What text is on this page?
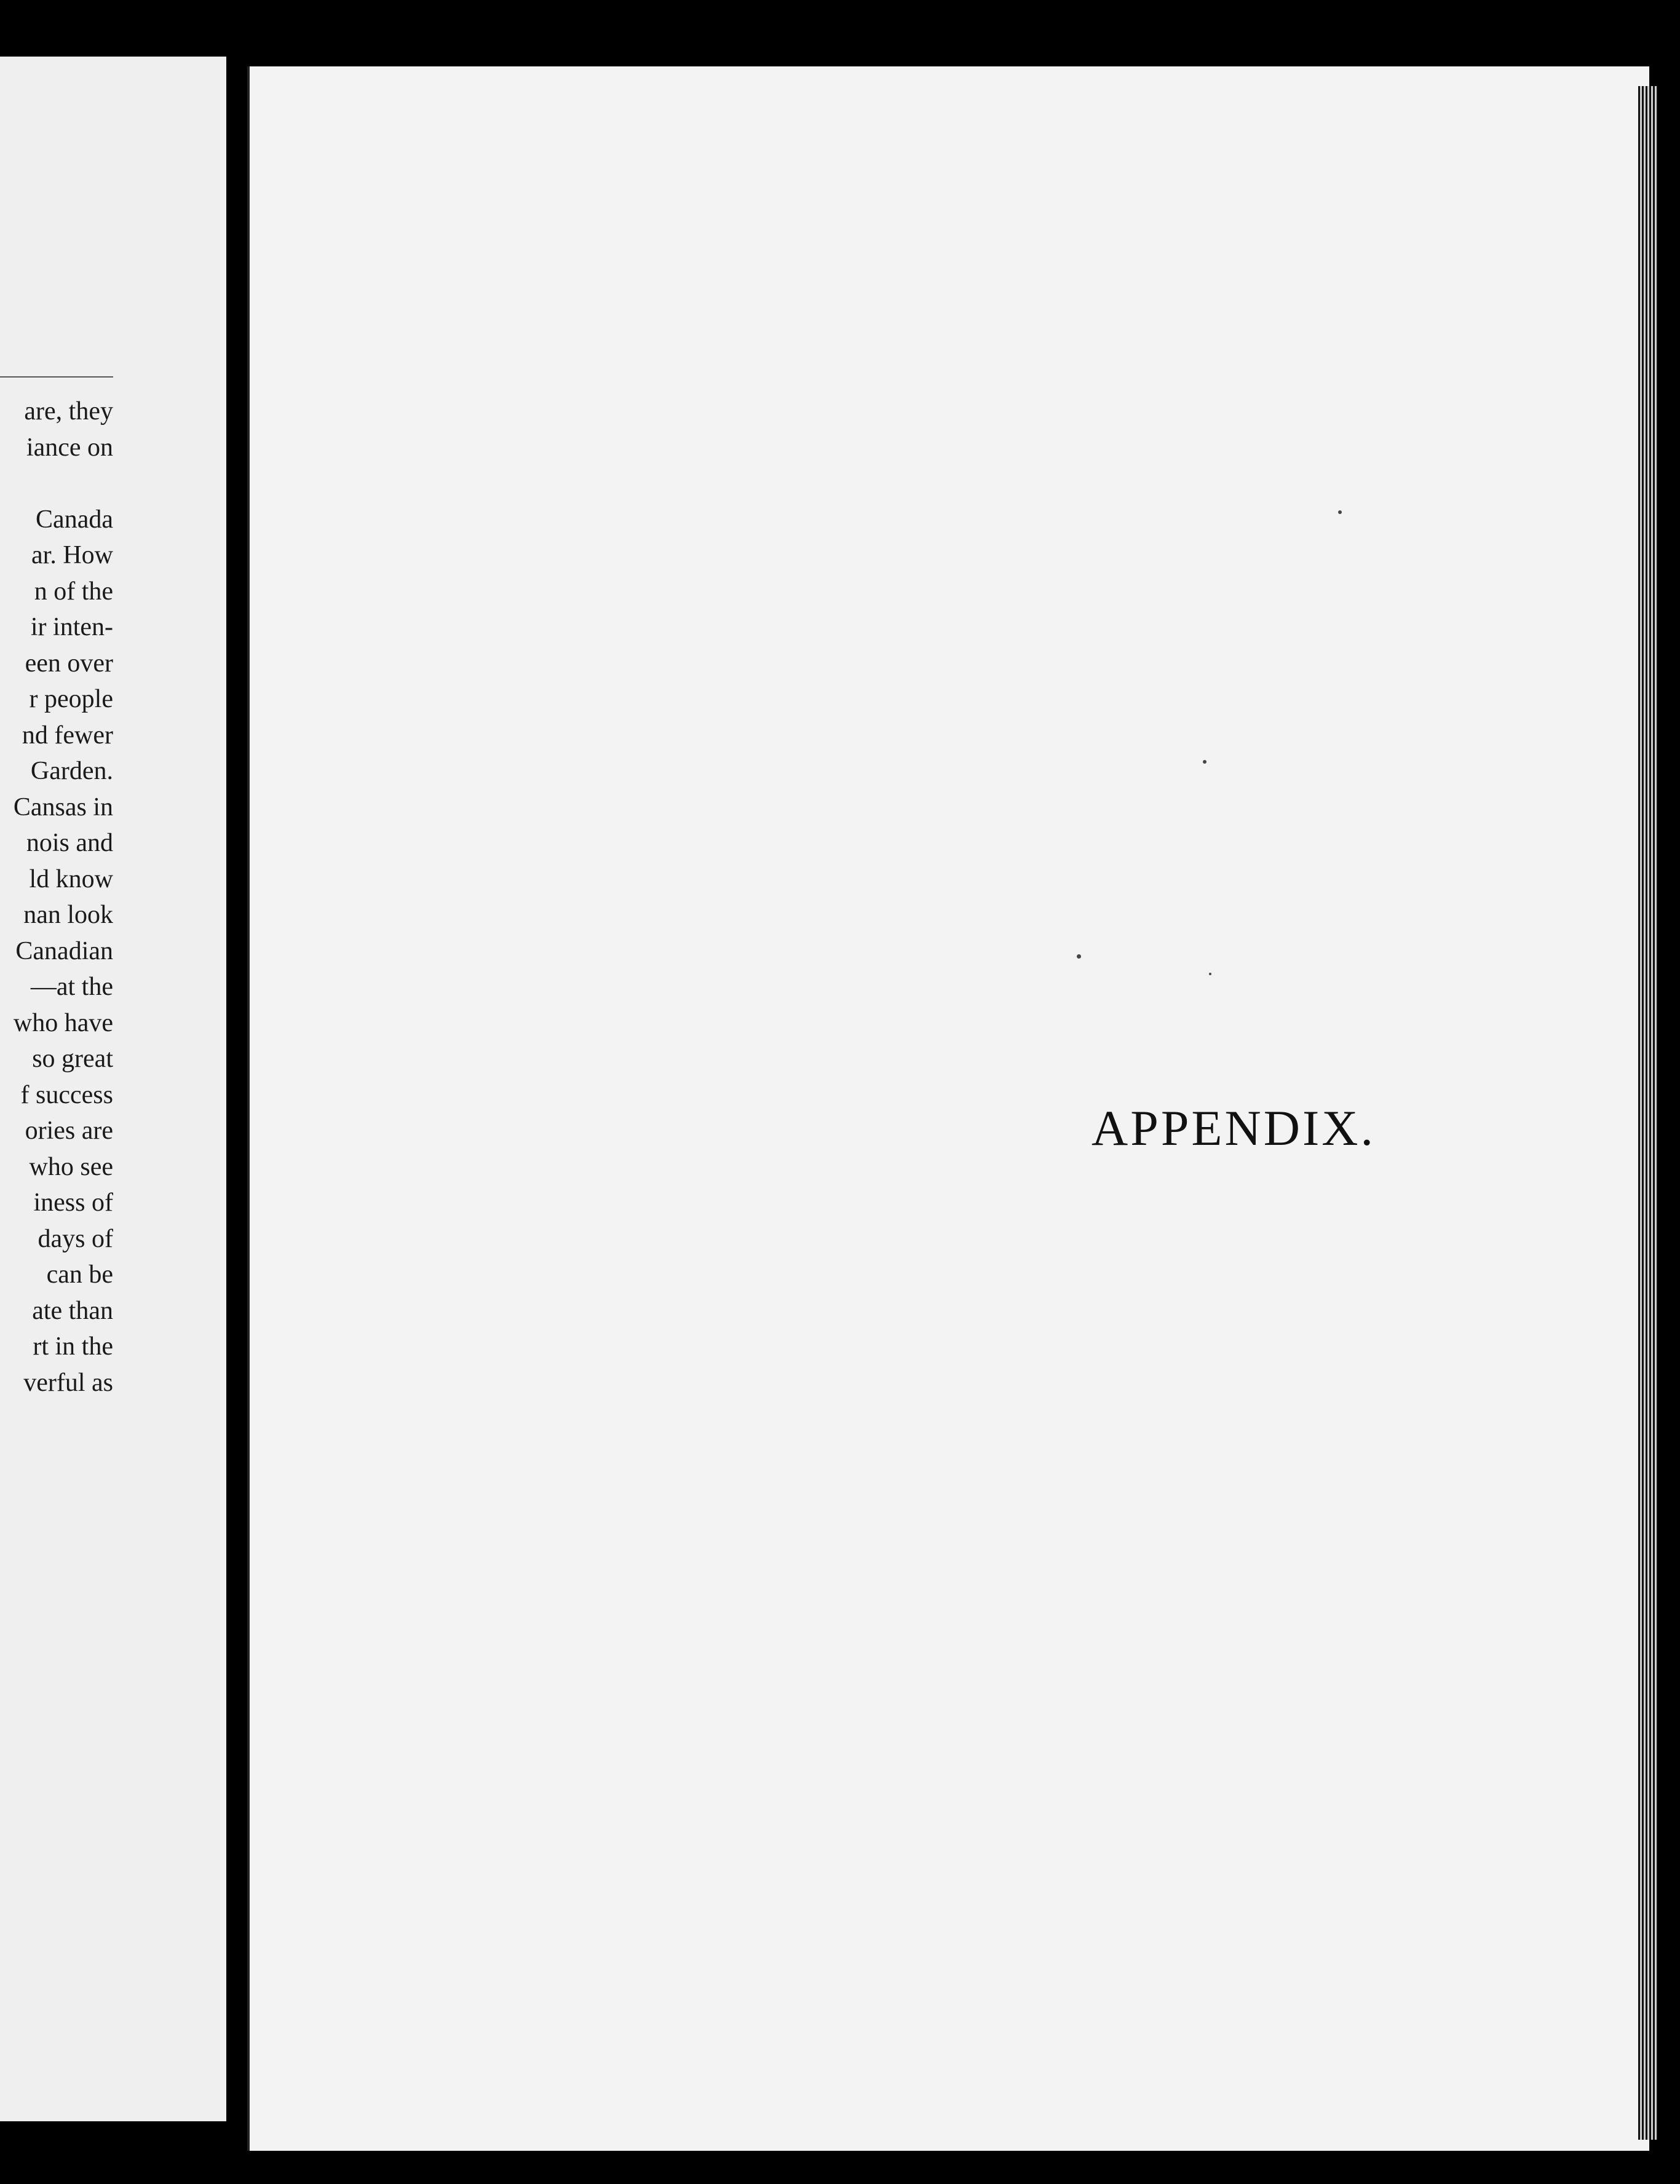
are, they
iance on
Canada
ar. How
n of the
ir inten-
een over
r people
nd fewer
Garden.
Cansas in
nois and
ld know
nan look
Canadian
—at the
who have
so great
f success
ories are
who see
iness of
days of
can be
ate than
rt in the
verful as
APPENDIX.
